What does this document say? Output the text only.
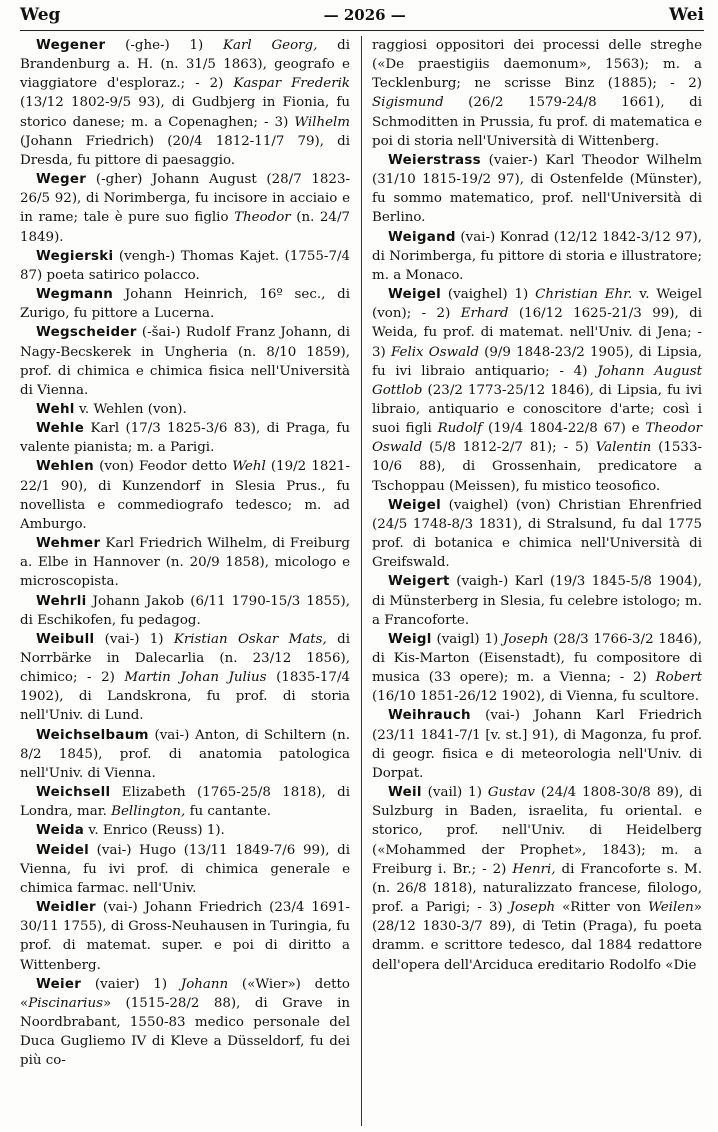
Weg	— 2026 —	Wei

Wegener (-ghe-) 1) Karl Georg, di Brandenburg a. H. (n. 31/5 1863), geografo e viaggiatore d'esploraz.; - 2) Kaspar Frederik (13/12 1802-9/5 93), di Gudbjerg in Fionia, fu storico danese; m. a Copenaghen; - 3) Wilhelm (Johann Friedrich) (20/4 1812-11/7 79), di Dresda, fu pittore di paesaggio.

Weger (-gher) Johann August (28/7 1823-26/5 92), di Norimberga, fu incisore in acciaio e in rame; tale è pure suo figlio Theodor (n. 24/7 1849).

Wegierski (vengh-) Thomas Kajet. (1755-7/4 87) poeta satirico polacco.

Wegmann Johann Heinrich, 16º sec., di Zurigo, fu pittore a Lucerna.

Wegscheider (-šai-) Rudolf Franz Johann, di Nagy-Becskerek in Ungheria (n. 8/10 1859), prof. di chimica e chimica fisica nell'Università di Vienna.

Wehl v. Wehlen (von).

Wehle Karl (17/3 1825-3/6 83), di Praga, fu valente pianista; m. a Parigi.

Wehlen (von) Feodor detto Wehl (19/2 1821-22/1 90), di Kunzendorf in Slesia Prus., fu novellista e commediografo tedesco; m. ad Amburgo.

Wehmer Karl Friedrich Wilhelm, di Freiburg a. Elbe in Hannover (n. 20/9 1858), micologo e microscopista.

Wehrli Johann Jakob (6/11 1790-15/3 1855), di Eschikofen, fu pedagog.

Weibull (vai-) 1) Kristian Oskar Mats, di Norrbärke in Dalecarlia (n. 23/12 1856), chimico; - 2) Martin Johan Julius (1835-17/4 1902), di Landskrona, fu prof. di storia nell'Univ. di Lund.

Weichselbaum (vai-) Anton, di Schiltern (n. 8/2 1845), prof. di anatomia patologica nell'Univ. di Vienna.

Weichsell Elizabeth (1765-25/8 1818), di Londra, mar. Bellington, fu cantante.

Weida v. Enrico (Reuss) 1).

Weidel (vai-) Hugo (13/11 1849-7/6 99), di Vienna, fu ivi prof. di chimica generale e chimica farmac. nell'Univ.

Weidler (vai-) Johann Friedrich (23/4 1691-30/11 1755), di Gross-Neuhausen in Turingia, fu prof. di matemat. super. e poi di diritto a Wittenberg.

Weier (vaier) 1) Johann («Wier») detto «Piscinarius» (1515-28/2 88), di Grave in Noordbrabant, 1550-83 medico personale del Duca Gugliemo IV di Kleve a Düsseldorf, fu dei più co-

raggiosi oppositori dei processi delle streghe («De praestigiis daemonum», 1563); m. a Tecklenburg; ne scrisse Binz (1885); - 2) Sigismund (26/2 1579-24/8 1661), di Schmoditten in Prussia, fu prof. di matematica e poi di storia nell'Università di Wittenberg.

Weierstrass (vaier-) Karl Theodor Wilhelm (31/10 1815-19/2 97), di Ostenfelde (Münster), fu sommo matematico, prof. nell'Università di Berlino.

Weigand (vai-) Konrad (12/12 1842-3/12 97), di Norimberga, fu pittore di storia e illustratore; m. a Monaco.

Weigel (vaighel) 1) Christian Ehr. v. Weigel (von); - 2) Erhard (16/12 1625-21/3 99), di Weida, fu prof. di matemat. nell'Univ. di Jena; - 3) Felix Oswald (9/9 1848-23/2 1905), di Lipsia, fu ivi libraio antiquario; - 4) Johann August Gottlob (23/2 1773-25/12 1846), di Lipsia, fu ivi libraio, antiquario e conoscitore d'arte; così i suoi figli Rudolf (19/4 1804-22/8 67) e Theodor Oswald (5/8 1812-2/7 81); - 5) Valentin (1533-10/6 88), di Grossenhain, predicatore a Tschoppau (Meissen), fu mistico teosofico.

Weigel (vaighel) (von) Christian Ehrenfried (24/5 1748-8/3 1831), di Stralsund, fu dal 1775 prof. di botanica e chimica nell'Università di Greifswald.

Weigert (vaigh-) Karl (19/3 1845-5/8 1904), di Münsterberg in Slesia, fu celebre istologo; m. a Francoforte.

Weigl (vaigl) 1) Joseph (28/3 1766-3/2 1846), di Kis-Marton (Eisenstadt), fu compositore di musica (33 opere); m. a Vienna; - 2) Robert (16/10 1851-26/12 1902), di Vienna, fu scultore.

Weihrauch (vai-) Johann Karl Friedrich (23/11 1841-7/1 [v. st.] 91), di Magonza, fu prof. di geogr. fisica e di meteorologia nell'Univ. di Dorpat.

Weil (vail) 1) Gustav (24/4 1808-30/8 89), di Sulzburg in Baden, israelita, fu oriental. e storico, prof. nell'Univ. di Heidelberg («Mohammed der Prophet», 1843); m. a Freiburg i. Br.; - 2) Henri, di Francoforte s. M. (n. 26/8 1818), naturalizzato francese, filologo, prof. a Parigi; - 3) Joseph «Ritter von Weilen» (28/12 1830-3/7 89), di Tetin (Praga), fu poeta dramm. e scrittore tedesco, dal 1884 redattore dell'opera dell'Arciduca ereditario Rodolfo «Die
